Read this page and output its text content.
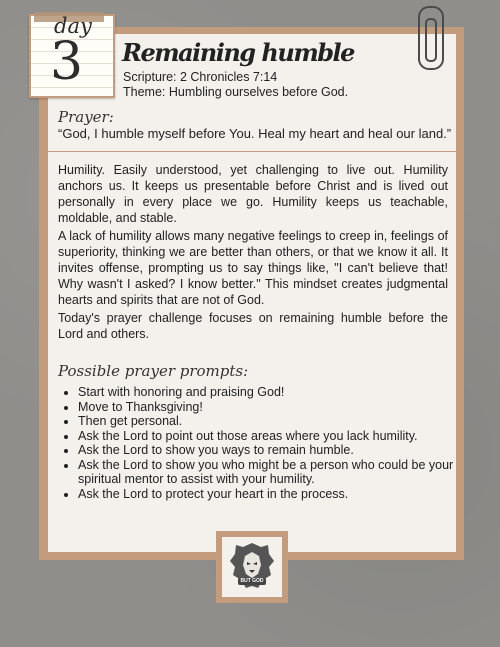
day
3 Remaining humble
Scripture: 2 Chronicles 7:14
Theme: Humbling ourselves before God.
Prayer:
“God, I humble myself before You. Heal my heart and heal our land.”

Humility. Easily understood, yet challenging to live out. Humility anchors us. It keeps us presentable before Christ and is lived out personally in every place we go. Humility keeps us teachable, moldable, and stable.

A lack of humility allows many negative feelings to creep in, feelings of superiority, thinking we are better than others, or that we know it all. It invites offense, prompting us to say things like, "I can't believe that! Why wasn't I asked? I know better." This mindset creates judgmental hearts and spirits that are not of God.

Today's prayer challenge focuses on remaining humble before the Lord and others.

Possible prayer prompts:
• Start with honoring and praising God!
• Move to Thanksgiving!
• Then get personal.
• Ask the Lord to point out those areas where you lack humility.
• Ask the Lord to show you ways to remain humble.
• Ask the Lord to show you who might be a person who could be your spiritual mentor to assist with your humility.
• Ask the Lord to protect your heart in the process.
BUT GOD
